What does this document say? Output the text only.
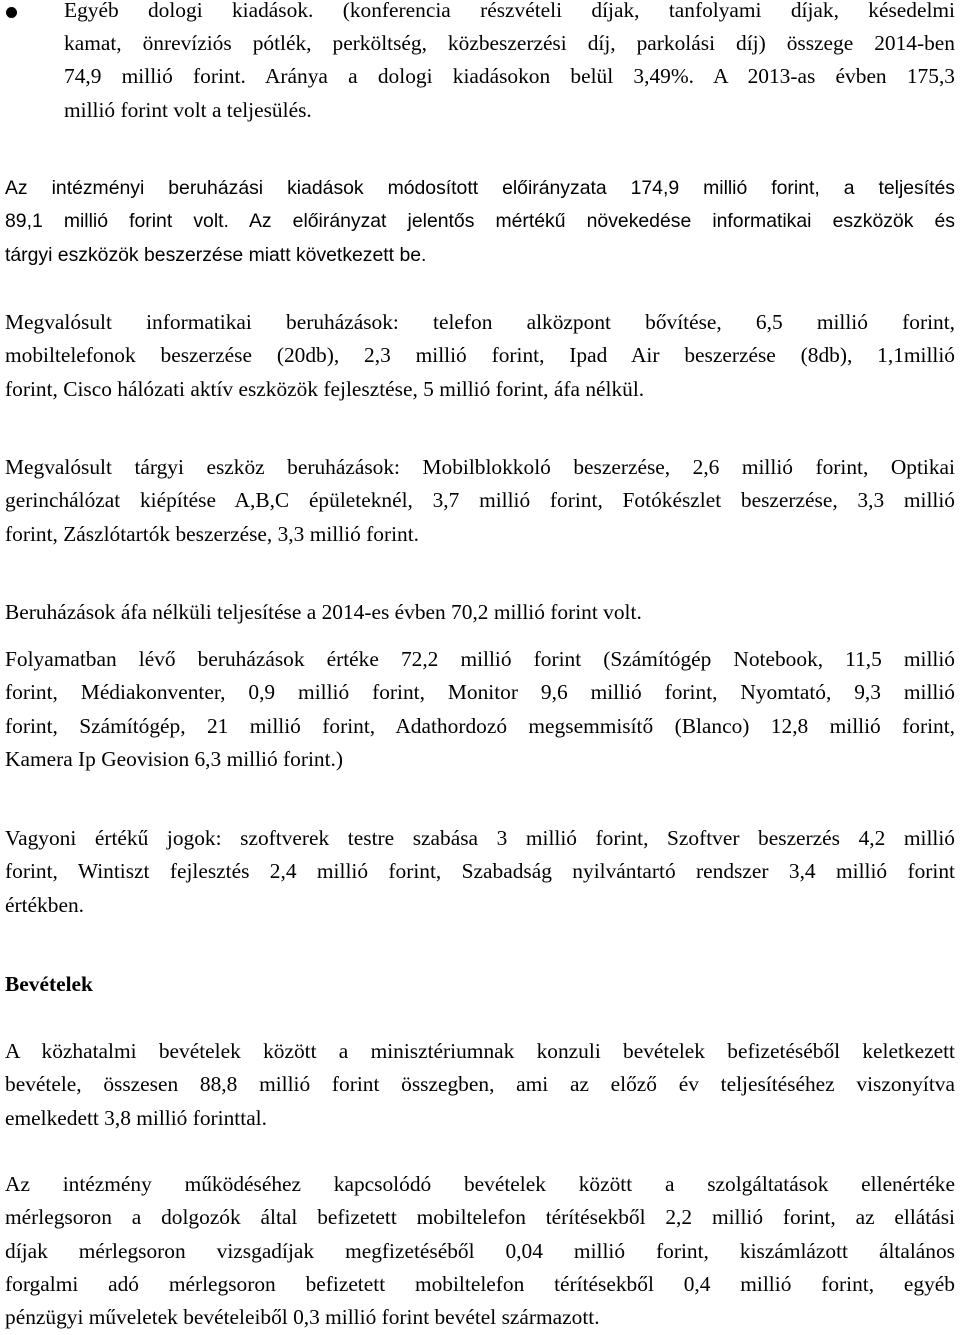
Egyéb dologi kiadások. (konferencia részvételi díjak, tanfolyami díjak, késedelmi
kamat, önrevíziós pótlék, perköltség, közbeszerzési díj, parkolási díj) összege 2014-ben
74,9 millió forint. Aránya a dologi kiadásokon belül 3,49%. A 2013-as évben 175,3
millió forint volt a teljesülés.
Az intézményi beruházási kiadások módosított előirányzata 174,9 millió forint, a teljesítés
89,1 millió forint volt. Az előirányzat jelentős mértékű növekedése informatikai eszközök és
tárgyi eszközök beszerzése miatt következett be.
Megvalósult informatikai beruházások: telefon alközpont bővítése, 6,5 millió forint,
mobiltelefonok beszerzése (20db), 2,3 millió forint, Ipad Air beszerzése (8db), 1,1millió
forint, Cisco hálózati aktív eszközök fejlesztése, 5 millió forint, áfa nélkül.
Megvalósult tárgyi eszköz beruházások: Mobilblokkoló beszerzése, 2,6 millió forint, Optikai
gerinchálózat kiépítése A,B,C épületeknél, 3,7 millió forint, Fotókészlet beszerzése, 3,3 millió
forint, Zászlótartók beszerzése, 3,3 millió forint.
Beruházások áfa nélküli teljesítése a 2014-es évben 70,2 millió forint volt.
Folyamatban lévő beruházások értéke 72,2 millió forint (Számítógép Notebook, 11,5 millió
forint, Médiakonventer, 0,9 millió forint, Monitor 9,6 millió forint, Nyomtató, 9,3 millió
forint, Számítógép, 21 millió forint, Adathordozó megsemmisítő (Blanco) 12,8 millió forint,
Kamera Ip Geovision 6,3 millió forint.)
Vagyoni értékű jogok: szoftverek testre szabása 3 millió forint, Szoftver beszerzés 4,2 millió
forint, Wintiszt fejlesztés 2,4 millió forint, Szabadság nyilvántartó rendszer 3,4 millió forint
értékben.
Bevételek
A közhatalmi bevételek között a minisztériumnak konzuli bevételek befizetéséből keletkezett
bevétele, összesen 88,8 millió forint összegben, ami az előző év teljesítéséhez viszonyítva
emelkedett 3,8 millió forinttal.
Az intézmény működéséhez kapcsolódó bevételek között a szolgáltatások ellenértéke
mérlegsoron a dolgozók által befizetett mobiltelefon térítésekből 2,2 millió forint, az ellátási
díjak mérlegsoron vizsgadíjak megfizetéséből 0,04 millió forint, kiszámlázott általános
forgalmi adó mérlegsoron befizetett mobiltelefon térítésekből 0,4 millió forint, egyéb
pénzügyi műveletek bevételeiből 0,3 millió forint bevétel származott.
